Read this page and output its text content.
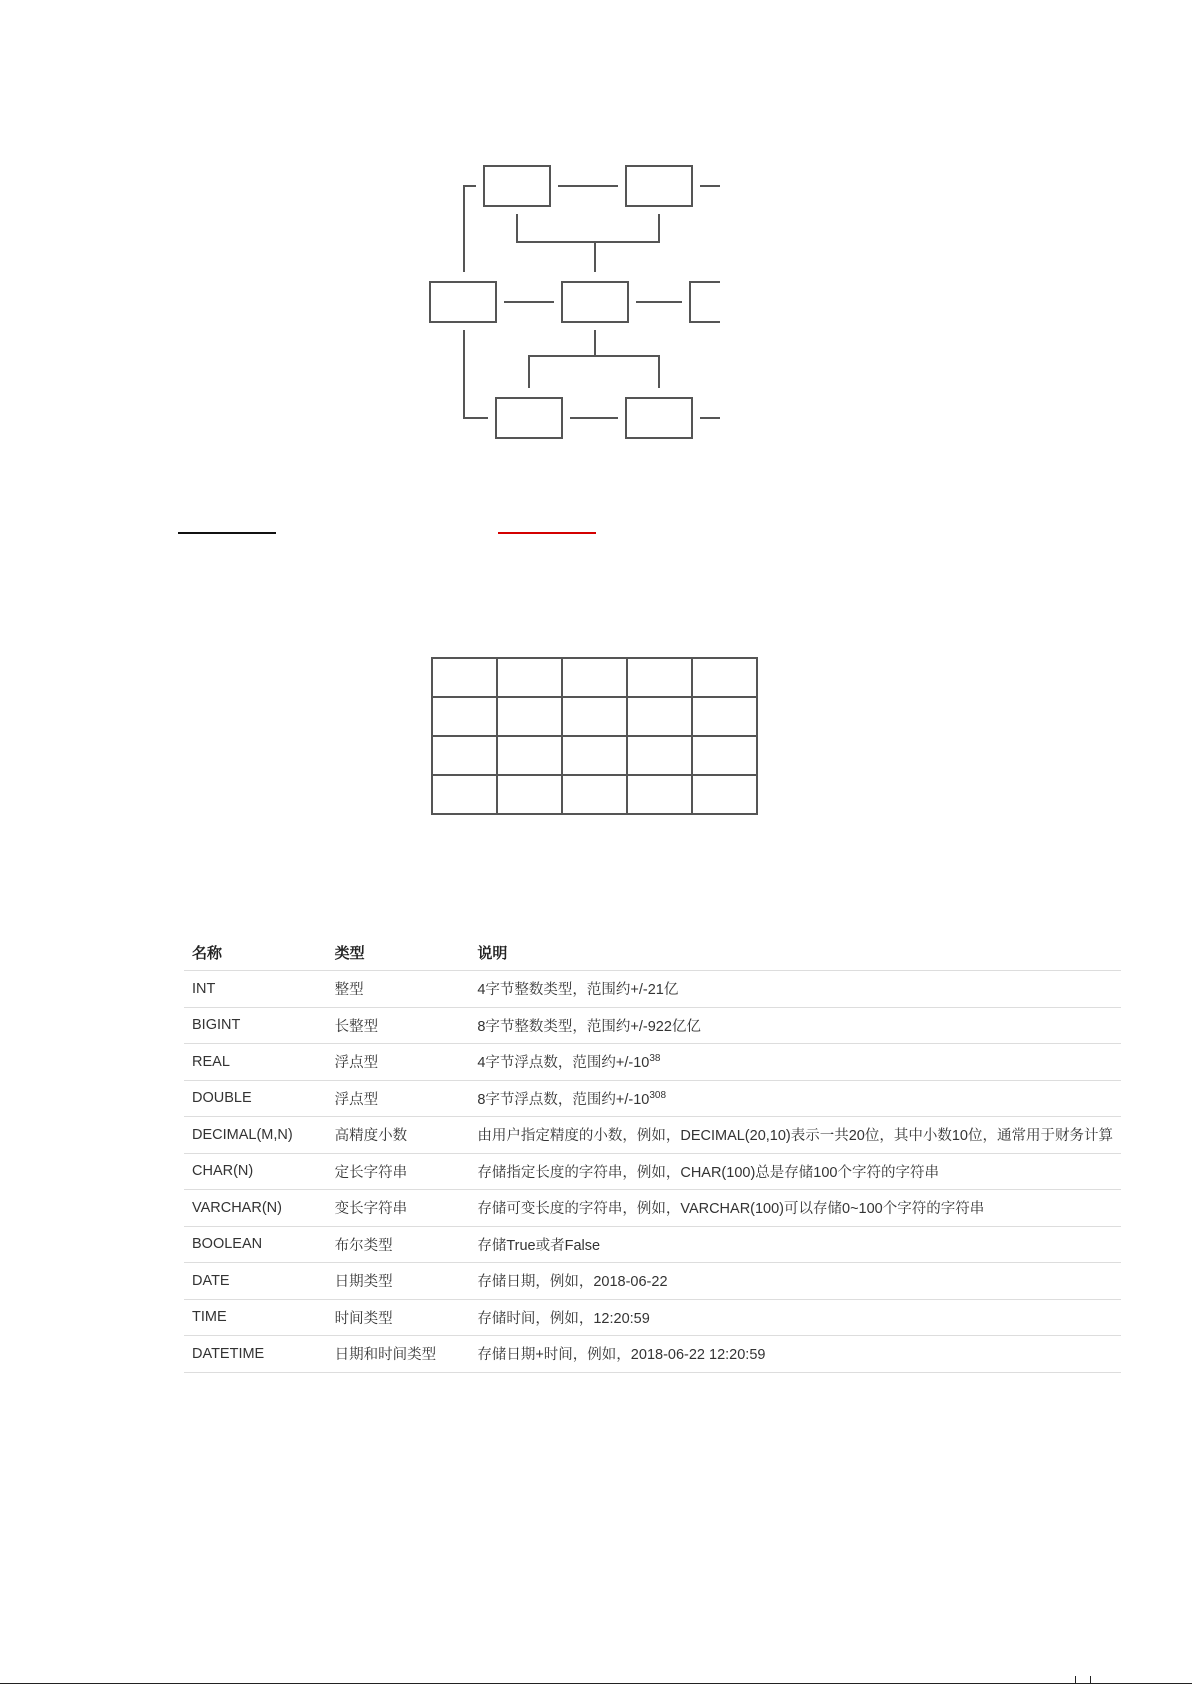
名称	类型	说明
INT	整型	4字节整数类型，范围约+/-21亿
BIGINT	长整型	8字节整数类型，范围约+/-922亿亿
REAL	浮点型	4字节浮点数，范围约$+/-10^{38}$
DOUBLE	浮点型	8字节浮点数，范围约$+/-10^{308}$
DECIMAL(M,N)	高精度小数	由用户指定精度的小数，例如，DECIMAL(20,10)表示一共20位，其中小数10位，通常用于财务计算
CHAR(N)	定长字符串	存储指定长度的字符串，例如，CHAR(100)总是存储100个字符的字符串
VARCHAR(N)	变长字符串	存储可变长度的字符串，例如，VARCHAR(100)可以存储0~100个字符的字符串
BOOLEAN	布尔类型	存储True或者False
DATE	日期类型	存储日期，例如，2018-06-22
TIME	时间类型	存储时间，例如，12:20:59
DATETIME	日期和时间类型	存储日期+时间，例如，2018-06-22 12:20:59
